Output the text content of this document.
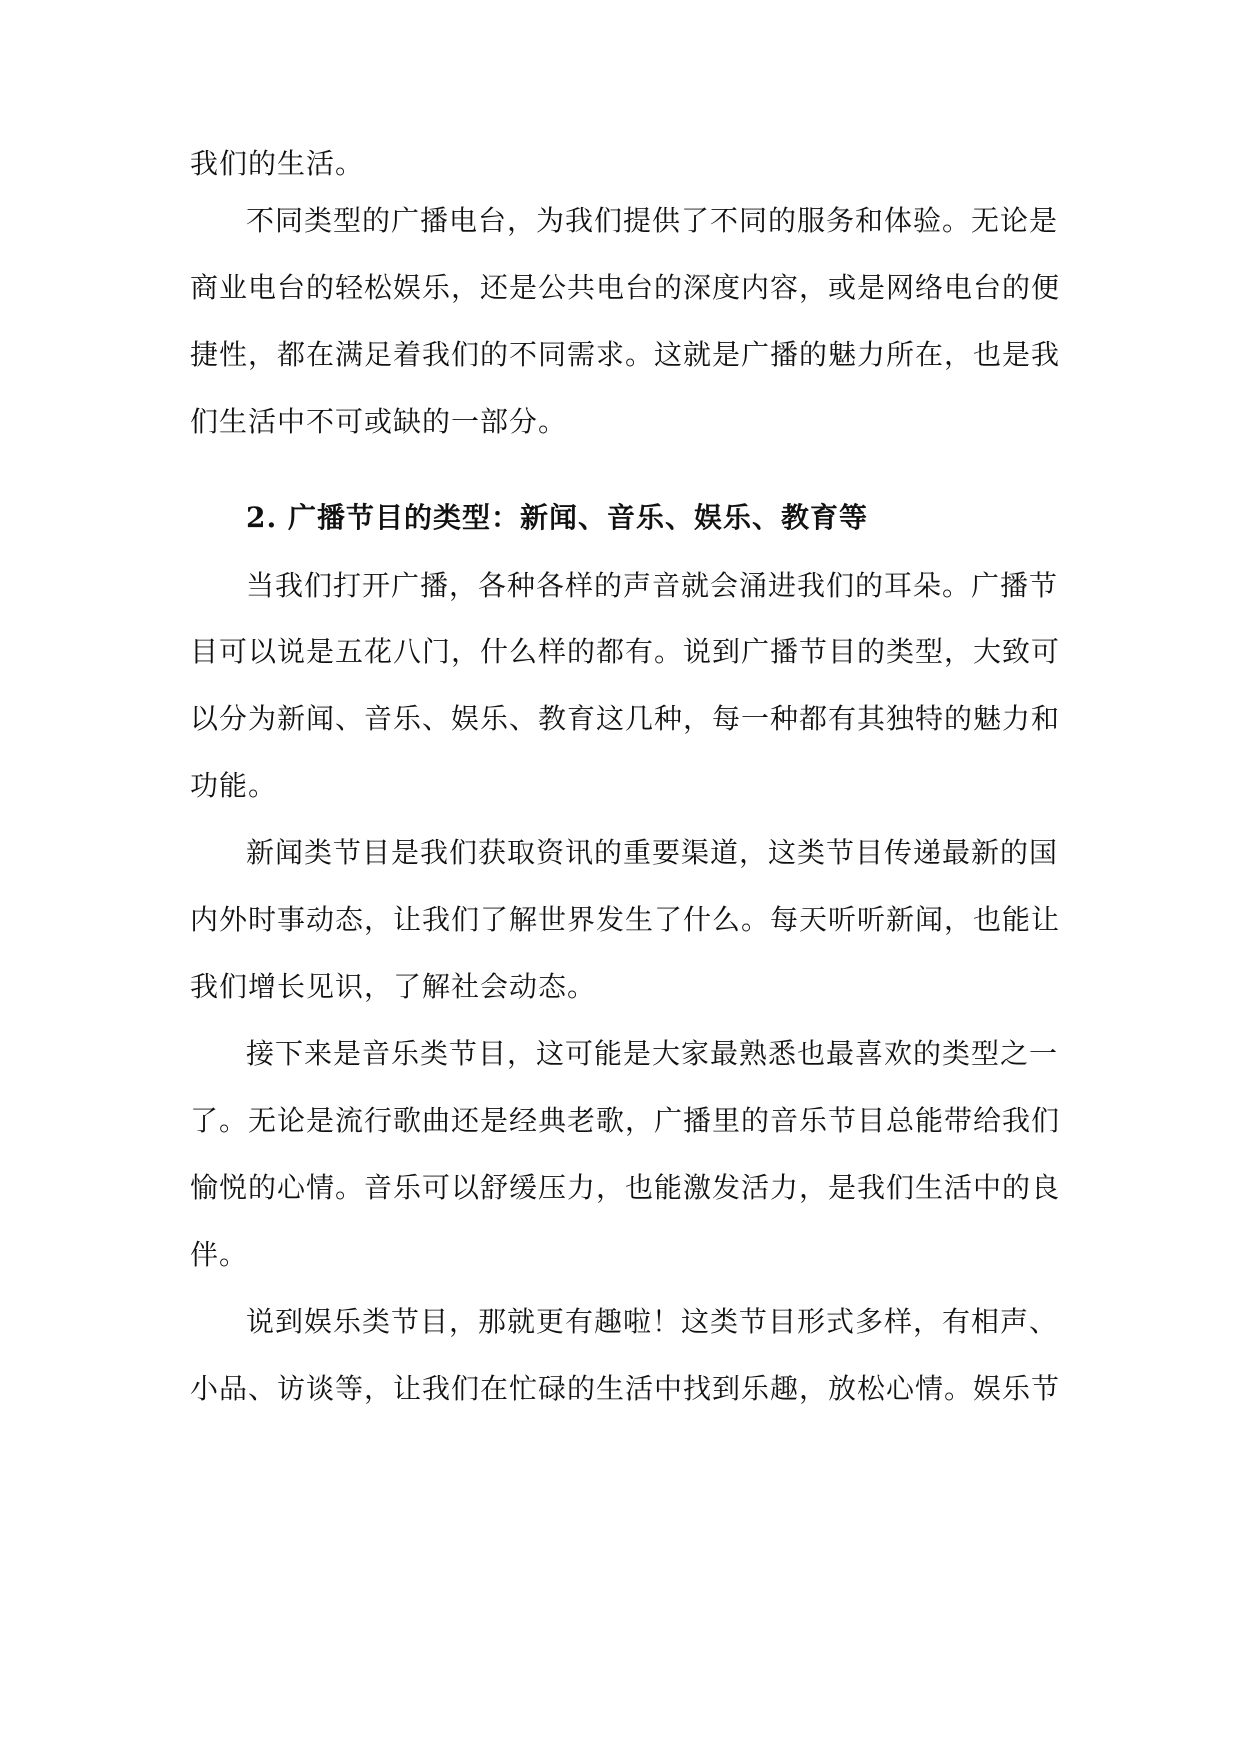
我们的生活。
不同类型的广播电台，为我们提供了不同的服务和体验。无论是
商业电台的轻松娱乐，还是公共电台的深度内容，或是网络电台的便
捷性，都在满足着我们的不同需求。这就是广播的魅力所在，也是我
们生活中不可或缺的一部分。
2. 广播节目的类型：新闻、音乐、娱乐、教育等
当我们打开广播，各种各样的声音就会涌进我们的耳朵。广播节
目可以说是五花八门，什么样的都有。说到广播节目的类型，大致可
以分为新闻、音乐、娱乐、教育这几种，每一种都有其独特的魅力和
功能。
新闻类节目是我们获取资讯的重要渠道，这类节目传递最新的国
内外时事动态，让我们了解世界发生了什么。每天听听新闻，也能让
我们增长见识，了解社会动态。
接下来是音乐类节目，这可能是大家最熟悉也最喜欢的类型之一
了。无论是流行歌曲还是经典老歌，广播里的音乐节目总能带给我们
愉悦的心情。音乐可以舒缓压力，也能激发活力，是我们生活中的良
伴。
说到娱乐类节目，那就更有趣啦！这类节目形式多样，有相声、
小品、访谈等，让我们在忙碌的生活中找到乐趣，放松心情。娱乐节
